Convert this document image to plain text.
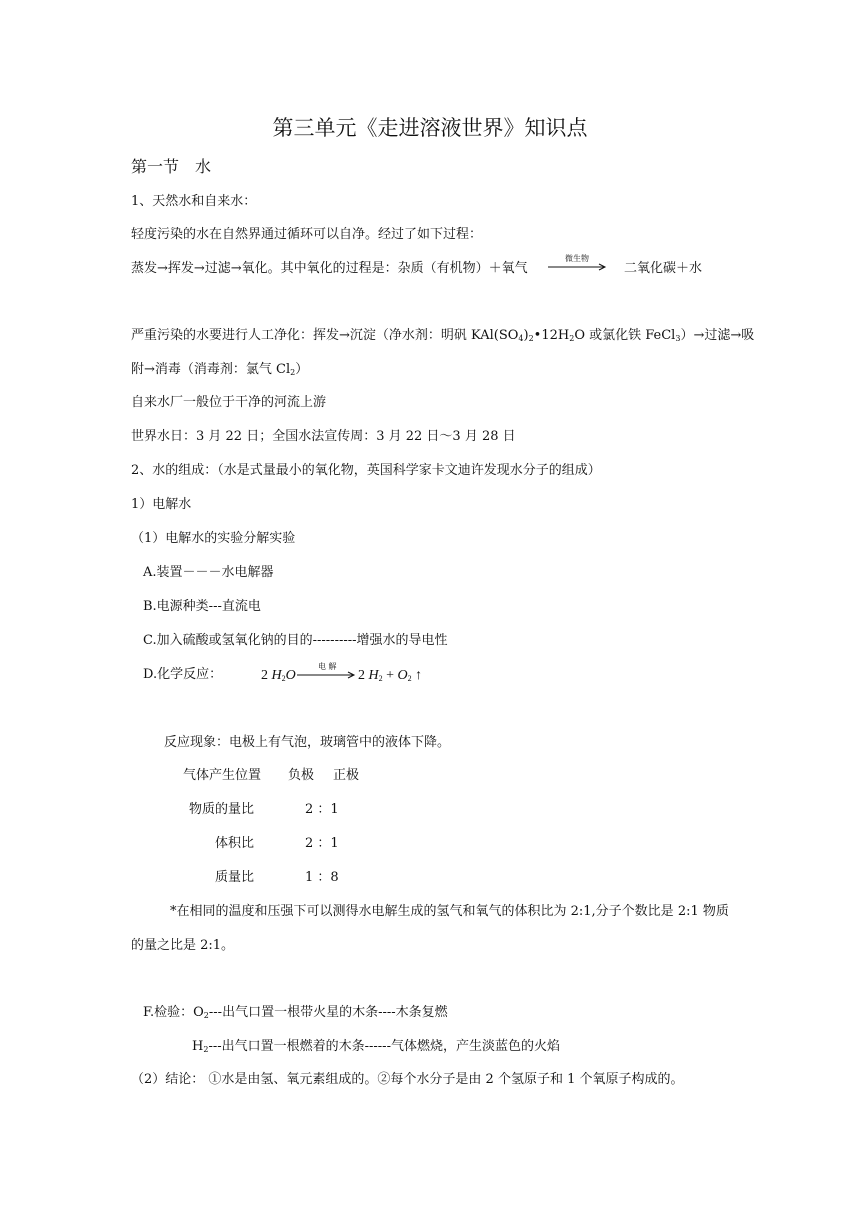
第三单元《走进溶液世界》知识点
第一节　水
1、天然水和自来水：
轻度污染的水在自然界通过循环可以自净。经过了如下过程：
蒸发→挥发→过滤→氧化。其中氧化的过程是：杂质（有机物）＋氧气
微生物
二氧化碳＋水
严重污染的水要进行人工净化：挥发→沉淀（净水剂：明矾 $KAl(SO_4)_2•12H_2O$ 或氯化铁 FeCl$_3$）→过滤→吸
附→消毒（消毒剂：氯气 $Cl_2$）
自来水厂一般位于干净的河流上游
世界水日：3 月 22 日；全国水法宣传周：3 月 22 日～3 月 28 日
2、水的组成：（水是式量最小的氧化物，英国科学家卡文迪许发现水分子的组成）
1）电解水
（1）电解水的实验分解实验
A.装置－－－水电解器
B.电源种类---直流电
C.加入硫酸或氢氧化钠的目的----------增强水的导电性
D.化学反应：	2 $H_2O$
电 解
2 $H_2 + O_2$ ↑
反应现象：电极上有气泡，玻璃管中的液体下降。
气体产生位置 负极 正极
物质的量比	2 ：1
体积比	2 ：1
质量比	1 ：8
*在相同的温度和压强下可以测得水电解生成的氢气和氧气的体积比为 2:1,分子个数比是 2:1 物质
的量之比是 2:1。
F.检验：$O_2---$出气口置一根带火星的木条----木条复燃
$H_2---$出气口置一根燃着的木条------气体燃烧，产生淡蓝色的火焰
（2）结论： ①水是由氢、氧元素组成的。②每个水分子是由 2 个氢原子和 1 个氧原子构成的。
